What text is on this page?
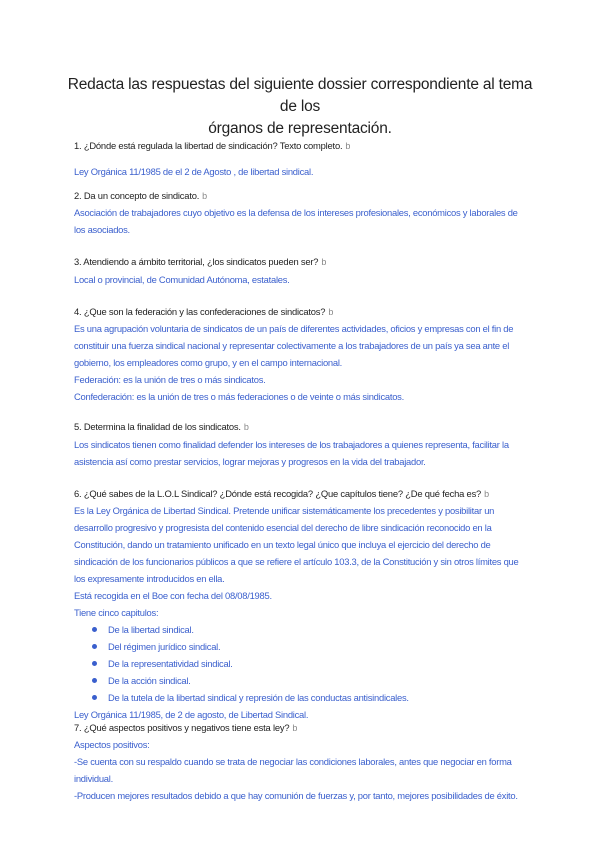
Redacta las respuestas del siguiente dossier correspondiente al tema de los
órganos de representación.
1. ¿Dónde está regulada la libertad de sindicación? Texto completo. b

Ley Orgánica 11/1985 de el 2 de Agosto , de libertad sindical.

2. Da un concepto de sindicato. b

Asociación de trabajadores cuyo objetivo es la defensa de los intereses profesionales, económicos y laborales de los asociados.

3. Atendiendo a ámbito territorial, ¿los sindicatos pueden ser? b

Local o provincial, de Comunidad Autónoma, estatales.

4. ¿Que son la federación y las confederaciones de sindicatos? b

Es una agrupación voluntaria de sindicatos de un país de diferentes actividades, oficios y empresas con el fin de constituir una fuerza sindical nacional y representar colectivamente a los trabajadores de un país ya sea ante el gobierno, los empleadores como grupo, y en el campo internacional.

Federación: es la unión de tres o más sindicatos.

Confederación: es la unión de tres o más federaciones o de veinte o más sindicatos.

5. Determina la finalidad de los sindicatos. b

Los sindicatos tienen como finalidad defender los intereses de los trabajadores a quienes representa, facilitar la asistencia así como prestar servicios, lograr mejoras y progresos en la vida del trabajador.

6. ¿Qué sabes de la L.O.L Sindical? ¿Dónde está recogida? ¿Que capítulos tiene? ¿De qué fecha es? b

Es la Ley Orgánica de Libertad Sindical. Pretende unificar sistemáticamente los precedentes y posibilitar un desarrollo progresivo y progresista del contenido esencial del derecho de libre sindicación reconocido en la Constitución, dando un tratamiento unificado en un texto legal único que incluya el ejercicio del derecho de sindicación de los funcionarios públicos a que se refiere el artículo 103.3, de la Constitución y sin otros límites que los expresamente introducidos en ella.

Está recogida en el Boe con fecha del 08/08/1985.

Tiene cinco capitulos:

De la libertad sindical.
Del régimen jurídico sindical.
De la representatividad sindical.
De la acción sindical.
De la tutela de la libertad sindical y represión de las conductas antisindicales.

Ley Orgánica 11/1985, de 2 de agosto, de Libertad Sindical.

7. ¿Qué aspectos positivos y negativos tiene esta ley? b

Aspectos positivos:

-Se cuenta con su respaldo cuando se trata de negociar las condiciones laborales, antes que negociar en forma individual.

-Producen mejores resultados debido a que hay comunión de fuerzas y, por tanto, mejores posibilidades de éxito.
